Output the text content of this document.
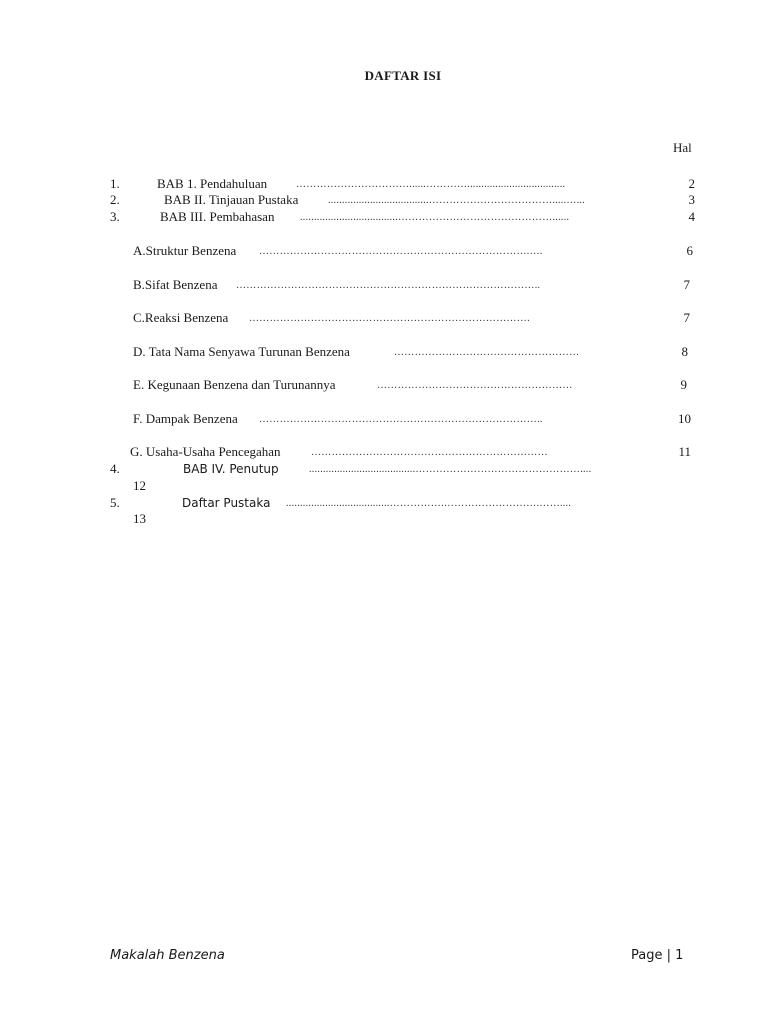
DAFTAR ISI
Hal
1.	BAB 1. Pendahuluan	……………………………......…………...................................	2
2.	BAB II. Tinjauan Pustaka	....................................……………………………….....…...	3
3.	BAB III. Pembahasan	...................................………………………………………......	4
A.Struktur Benzena …………………………………………………………………….….	6
B.Sifat Benzena ……………………………………………………………………………..	7
C.Reaksi Benzena ……………………………………………………………………….	7
D. Tata Nama Senyawa Turunan Benzena	………………………………………………	8
E. Kegunaan Benzena dan Turunannya	…………………………………………………	9
F. Dampak Benzena ………………………………………………………………………..	10
G. Usaha-Usaha Pencegahan	……………………………………………………………	11
4.	BAB IV. Penutup	......................................…………………………………………....
12
5.	Daftar Pustaka .....................................…………….……………………….……....
13
Makalah Benzena	Page | 1
